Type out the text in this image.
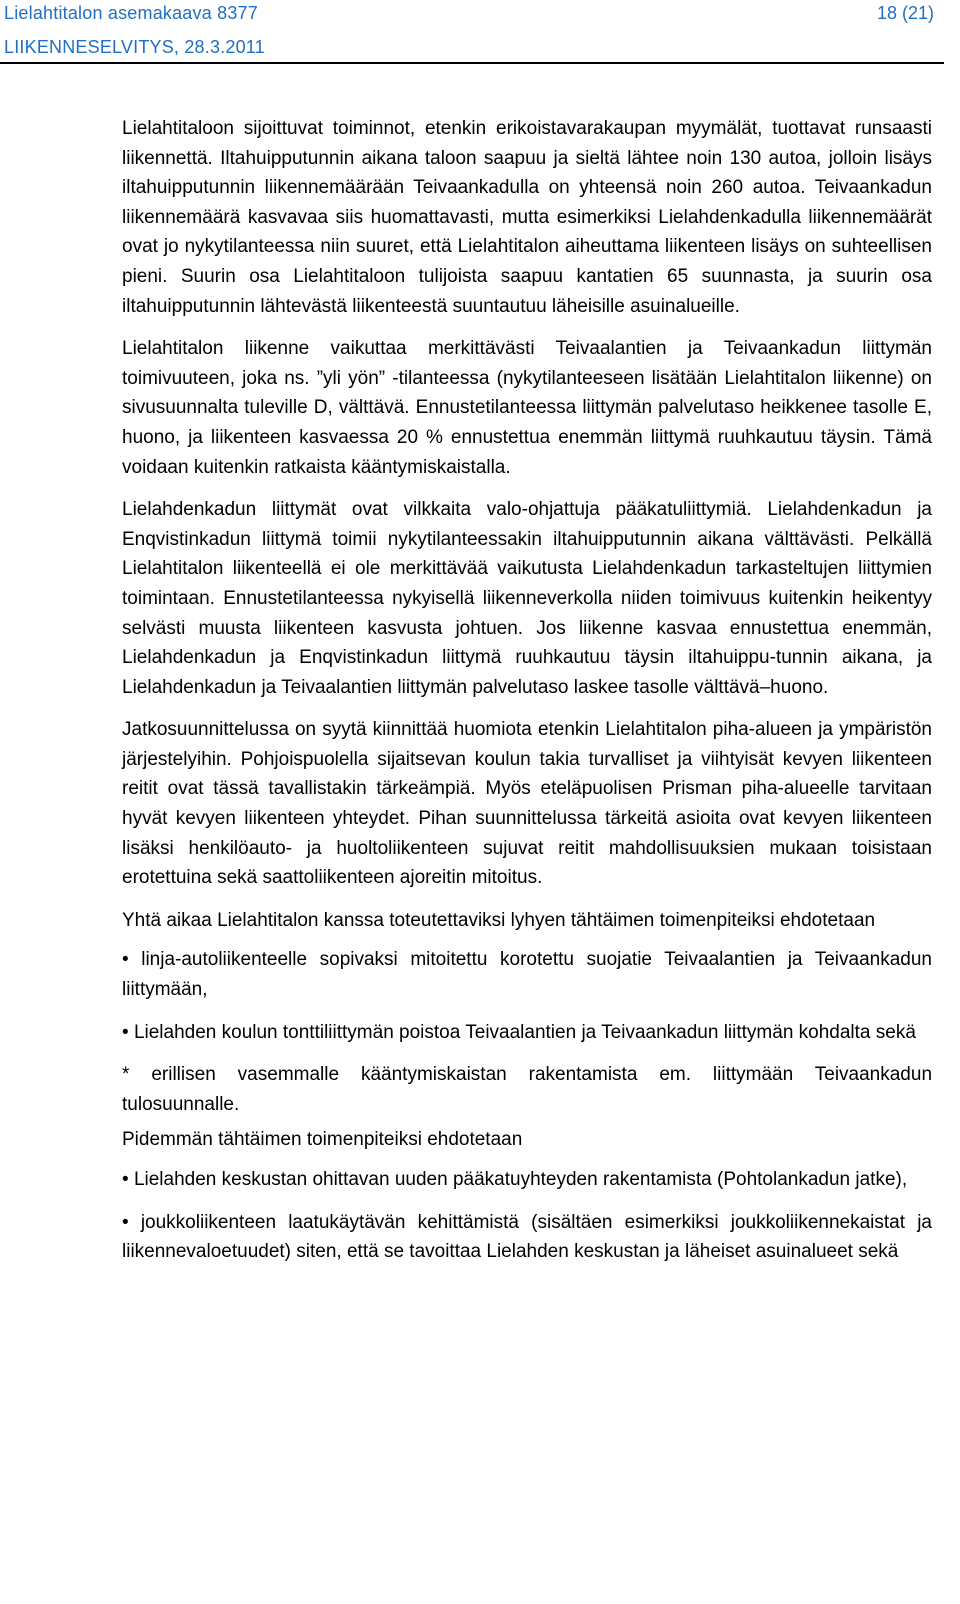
Lielahtitalon asemakaava 8377
LIIKENNESELVITYS, 28.3.2011
18 (21)

Lielahtitaloon sijoittuvat toiminnot, etenkin erikoistavarakaupan myymälät, tuottavat runsaasti liikennettä. Iltahuipputunnin aikana taloon saapuu ja sieltä lähtee noin 130 autoa, jolloin lisäys iltahuipputunnin liikennemäärään Teivaankadulla on yhteensä noin 260 autoa. Teivaankadun liikennemäärä kasvavaa siis huomattavasti, mutta esimerkiksi Lielahdenkadulla liikennemäärät ovat jo nykytilanteessa niin suuret, että Lielahtitalon aiheuttama liikenteen lisäys on suhteellisen pieni. Suurin osa Lielahtitaloon tulijoista saapuu kantatien 65 suunnasta, ja suurin osa iltahuipputunnin lähtevästä liikenteestä suuntautuu läheisille asuinalueille.

Lielahtitalon liikenne vaikuttaa merkittävästi Teivaalantien ja Teivaankadun liittymän toimivuuteen, joka ns. ”yli yön” -tilanteessa (nykytilanteeseen lisätään Lielahtitalon liikenne) on sivusuunnalta tuleville D, välttävä. Ennustetilanteessa liittymän palvelutaso heikkenee tasolle E, huono, ja liikenteen kasvaessa 20 % ennustettua enemmän liittymä ruuhkautuu täysin. Tämä voidaan kuitenkin ratkaista kääntymiskaistalla.

Lielahdenkadun liittymät ovat vilkkaita valo-ohjattuja pääkatuliittymiä. Lielahdenkadun ja Enqvistinkadun liittymä toimii nykytilanteessakin iltahuipputunnin aikana välttävästi. Pelkällä Lielahtitalon liikenteellä ei ole merkittävää vaikutusta Lielahdenkadun tarkasteltujen liittymien toimintaan. Ennustetilanteessa nykyisellä liikenneverkolla niiden toimivuus kuitenkin heikentyy selvästi muusta liikenteen kasvusta johtuen. Jos liikenne kasvaa ennustettua enemmän, Lielahdenkadun ja Enqvistinkadun liittymä ruuhkautuu täysin iltahuippu-tunnin aikana, ja Lielahdenkadun ja Teivaalantien liittymän palvelutaso laskee tasolle välttävä–huono.

Jatkosuunnittelussa on syytä kiinnittää huomiota etenkin Lielahtitalon piha-alueen ja ympäristön järjestelyihin. Pohjoispuolella sijaitsevan koulun takia turvalliset ja viihtyisät kevyen liikenteen reitit ovat tässä tavallistakin tärkeämpiä. Myös eteläpuolisen Prisman piha-alueelle tarvitaan hyvät kevyen liikenteen yhteydet. Pihan suunnittelussa tärkeitä asioita ovat kevyen liikenteen lisäksi henkilöauto- ja huoltoliikenteen sujuvat reitit mahdollisuuksien mukaan toisistaan erotettuina sekä saattoliikenteen ajoreitin mitoitus.

Yhtä aikaa Lielahtitalon kanssa toteutettaviksi lyhyen tähtäimen toimenpiteiksi ehdotetaan

• linja-autoliikenteelle sopivaksi mitoitettu korotettu suojatie Teivaalantien ja Teivaankadun liittymään,

• Lielahden koulun tonttiliittymän poistoa Teivaalantien ja Teivaankadun liittymän kohdalta sekä

* erillisen vasemmalle kääntymiskaistan rakentamista em. liittymään Teivaankadun tulosuunnalle.

Pidemmän tähtäimen toimenpiteiksi ehdotetaan

• Lielahden keskustan ohittavan uuden pääkatuyhteyden rakentamista (Pohtolankadun jatke),

• joukkoliikenteen laatukäytävän kehittämistä (sisältäen esimerkiksi joukkoliikennekaistat ja liikennevaloetuudet) siten, että se tavoittaa Lielahden keskustan ja läheiset asuinalueet sekä
